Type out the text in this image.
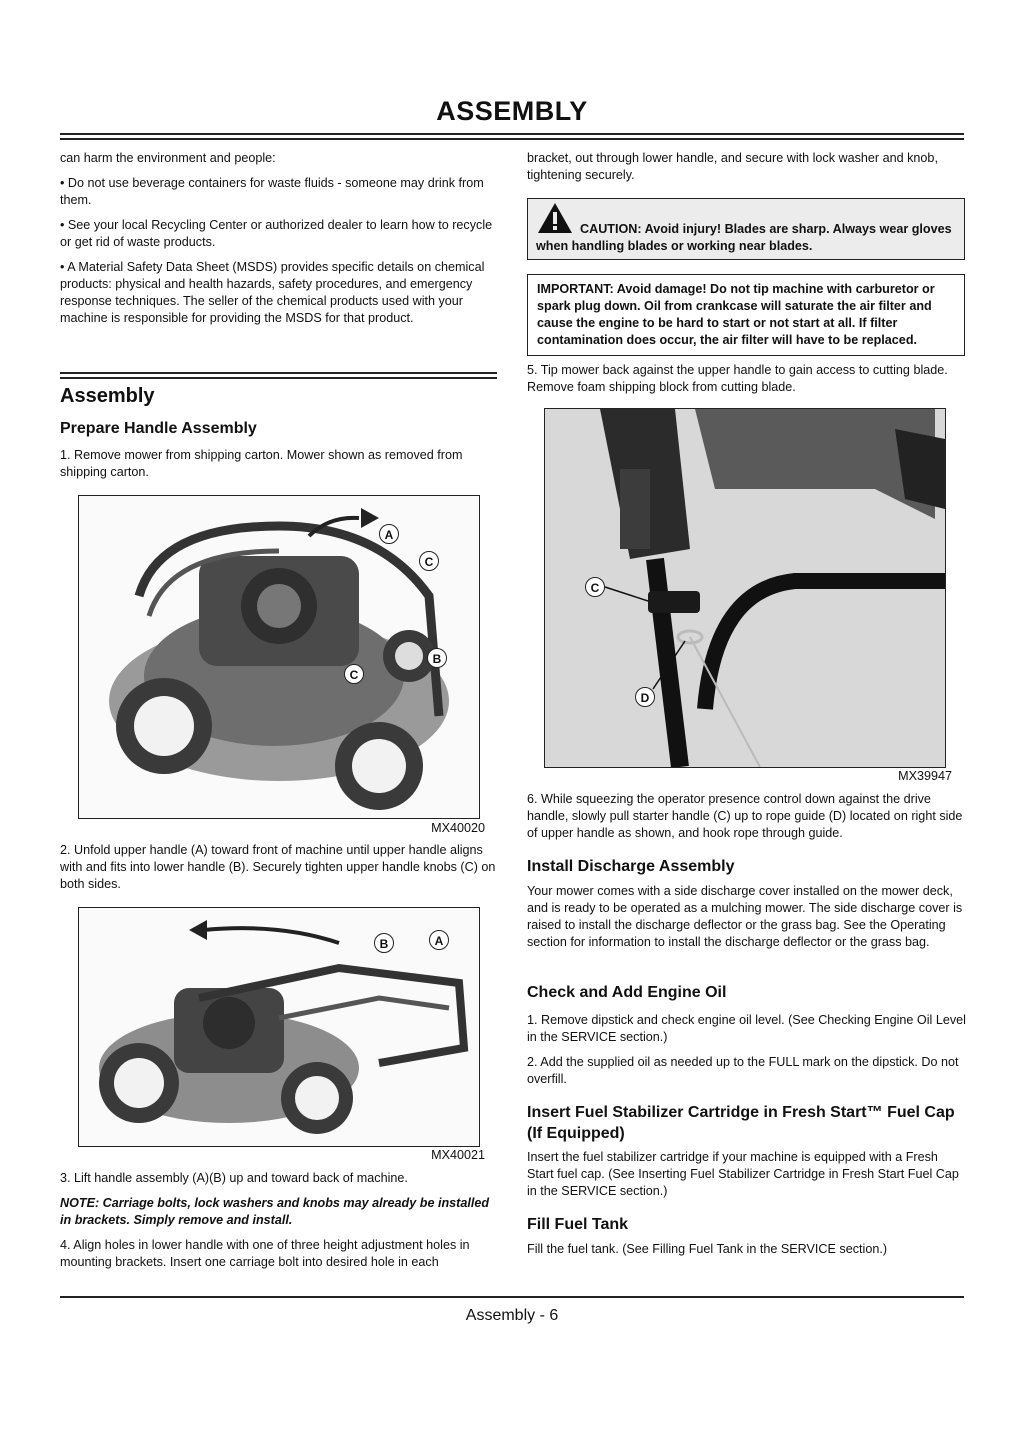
ASSEMBLY

can harm the environment and people:

• Do not use beverage containers for waste fluids - someone may drink from them.

• See your local Recycling Center or authorized dealer to learn how to recycle or get rid of waste products.

• A Material Safety Data Sheet (MSDS) provides specific details on chemical products: physical and health hazards, safety procedures, and emergency response techniques. The seller of the chemical products used with your machine is responsible for providing the MSDS for that product.

Assembly
Prepare Handle Assembly

1. Remove mower from shipping carton. Mower shown as removed from shipping carton.

A
C
B
C
MX40020

2. Unfold upper handle (A) toward front of machine until upper handle aligns with and fits into lower handle (B). Securely tighten upper handle knobs (C) on both sides.

B	A
MX40021

3. Lift handle assembly (A)(B) up and toward back of machine.

NOTE: Carriage bolts, lock washers and knobs may already be installed in brackets. Simply remove and install.

4. Align holes in lower handle with one of three height adjustment holes in mounting brackets. Insert one carriage bolt into desired hole in each

bracket, out through lower handle, and secure with lock washer and knob, tightening securely.

CAUTION: Avoid injury! Blades are sharp. Always wear gloves when handling blades or working near blades.
IMPORTANT: Avoid damage! Do not tip machine with carburetor or spark plug down. Oil from crankcase will saturate the air filter and cause the engine to be hard to start or not start at all. If filter contamination does occur, the air filter will have to be replaced.

5. Tip mower back against the upper handle to gain access to cutting blade. Remove foam shipping block from cutting blade.

C
D
MX39947

6. While squeezing the operator presence control down against the drive handle, slowly pull starter handle (C) up to rope guide (D) located on right side of upper handle as shown, and hook rope through guide.

Install Discharge Assembly

Your mower comes with a side discharge cover installed on the mower deck, and is ready to be operated as a mulching mower. The side discharge cover is raised to install the discharge deflector or the grass bag. See the Operating section for information to install the discharge deflector or the grass bag.

Check and Add Engine Oil

1. Remove dipstick and check engine oil level. (See Checking Engine Oil Level in the SERVICE section.)

2. Add the supplied oil as needed up to the FULL mark on the dipstick. Do not overfill.

Insert Fuel Stabilizer Cartridge in Fresh Start™ Fuel Cap (If Equipped)

Insert the fuel stabilizer cartridge if your machine is equipped with a Fresh Start fuel cap. (See Inserting Fuel Stabilizer Cartridge in Fresh Start Fuel Cap in the SERVICE section.)

Fill Fuel Tank

Fill the fuel tank. (See Filling Fuel Tank in the SERVICE section.)

Assembly - 6
